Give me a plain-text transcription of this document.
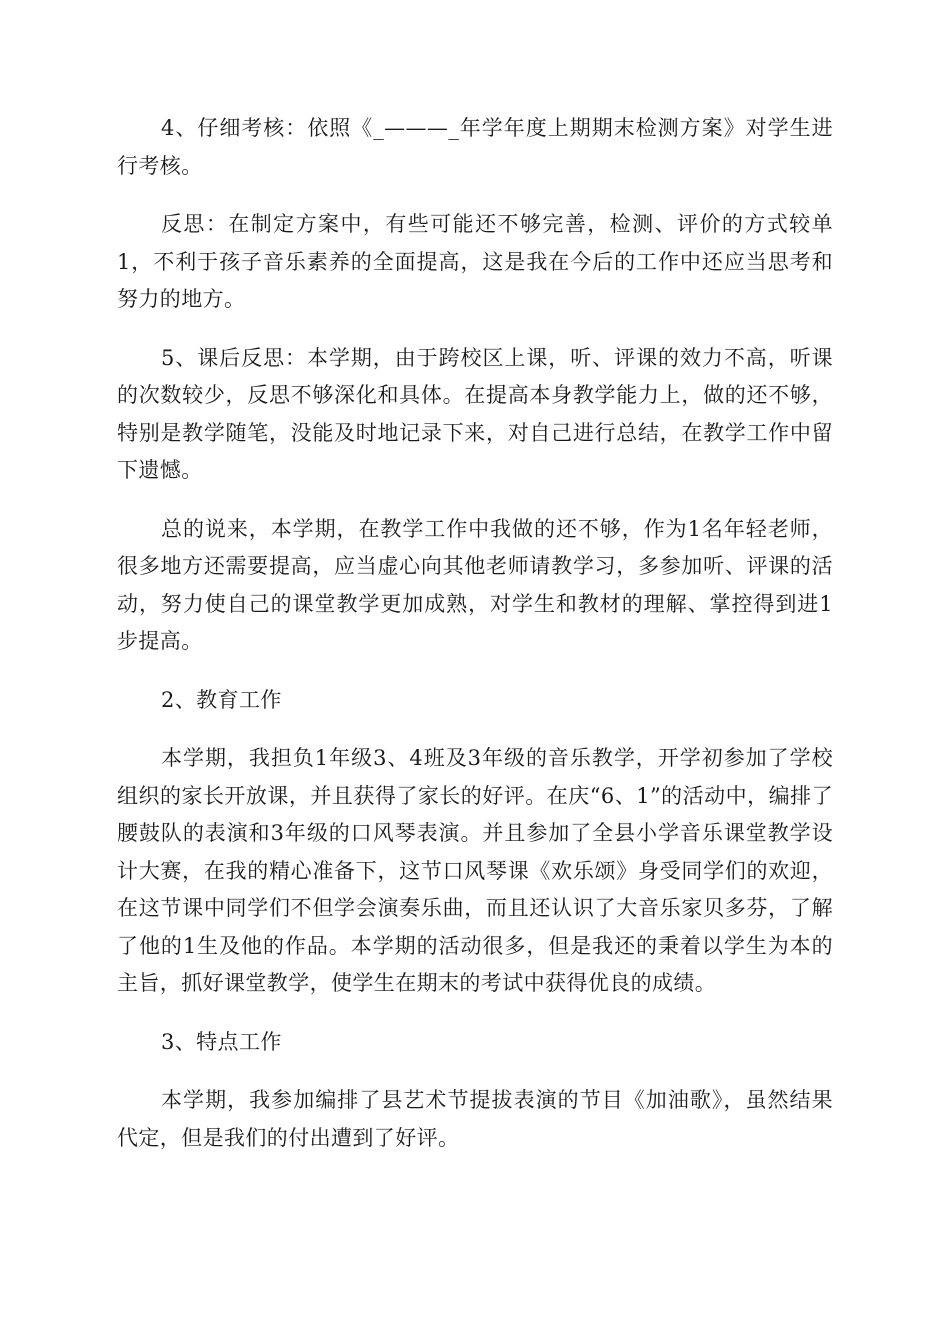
4、仔细考核：依照《_———_年学年度上期期末检测方案》对学生进行考核。

反思：在制定方案中，有些可能还不够完善，检测、评价的方式较单1，不利于孩子音乐素养的全面提高，这是我在今后的工作中还应当思考和努力的地方。

5、课后反思：本学期，由于跨校区上课，听、评课的效力不高，听课的次数较少，反思不够深化和具体。在提高本身教学能力上，做的还不够，特别是教学随笔，没能及时地记录下来，对自己进行总结，在教学工作中留下遗憾。

总的说来，本学期，在教学工作中我做的还不够，作为1名年轻老师，很多地方还需要提高，应当虚心向其他老师请教学习，多参加听、评课的活动，努力使自己的课堂教学更加成熟，对学生和教材的理解、掌控得到进1步提高。

2、教育工作

本学期，我担负1年级3、4班及3年级的音乐教学，开学初参加了学校组织的家长开放课，并且获得了家长的好评。在庆“6、1”的活动中，编排了腰鼓队的表演和3年级的口风琴表演。并且参加了全县小学音乐课堂教学设计大赛，在我的精心准备下，这节口风琴课《欢乐颂》身受同学们的欢迎，在这节课中同学们不但学会演奏乐曲，而且还认识了大音乐家贝多芬，了解了他的1生及他的作品。本学期的活动很多，但是我还的秉着以学生为本的主旨，抓好课堂教学，使学生在期末的考试中获得优良的成绩。

3、特点工作

本学期，我参加编排了县艺术节提拔表演的节目《加油歌》，虽然结果代定，但是我们的付出遭到了好评。
